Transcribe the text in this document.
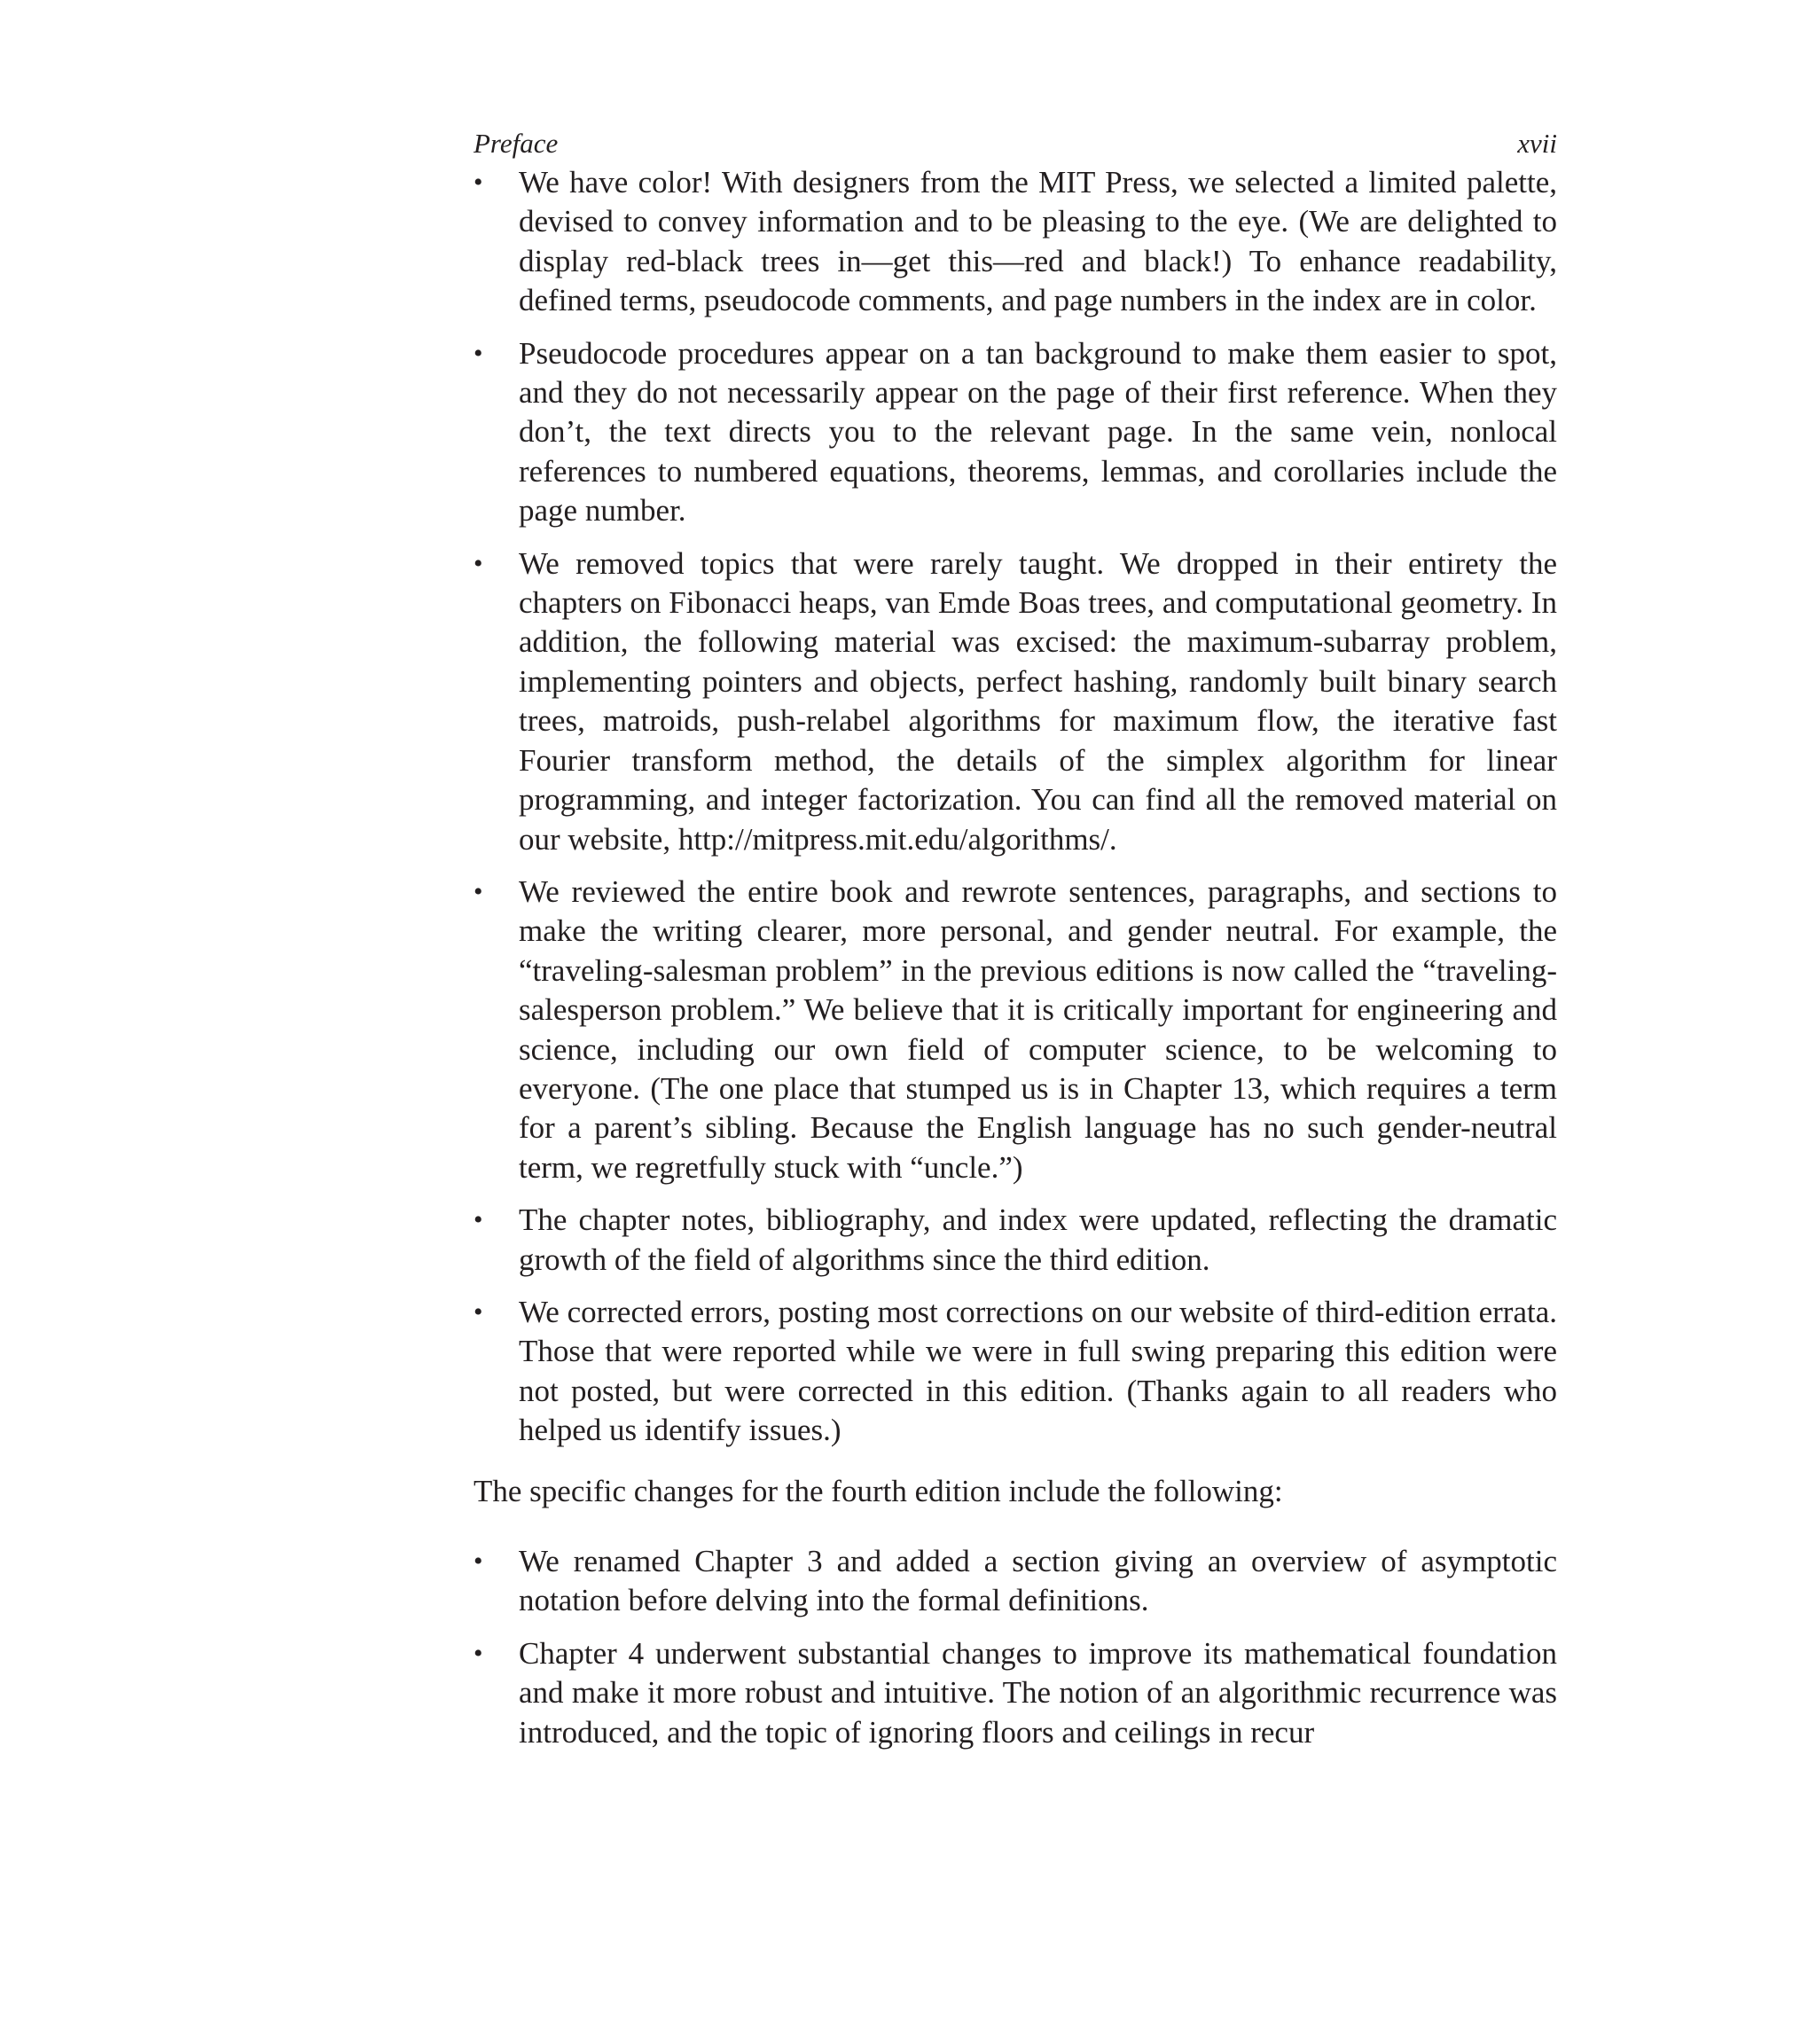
Preface	xvii
• We have color! With designers from the MIT Press, we selected a limited palette, devised to convey information and to be pleasing to the eye. (We are delighted to display red-black trees in—get this—red and black!) To enhance readability, defined terms, pseudocode comments, and page numbers in the index are in color.
• Pseudocode procedures appear on a tan background to make them easier to spot, and they do not necessarily appear on the page of their first reference. When they don’t, the text directs you to the relevant page. In the same vein, nonlocal references to numbered equations, theorems, lemmas, and corollaries include the page number.
• We removed topics that were rarely taught. We dropped in their entirety the chapters on Fibonacci heaps, van Emde Boas trees, and computational geometry. In addition, the following material was excised: the maximum-subarray problem, implementing pointers and objects, perfect hashing, randomly built binary search trees, matroids, push-relabel algorithms for maximum flow, the iterative fast Fourier transform method, the details of the simplex algorithm for linear programming, and integer factorization. You can find all the removed material on our website, http://mitpress.mit.edu/algorithms/.
• We reviewed the entire book and rewrote sentences, paragraphs, and sections to make the writing clearer, more personal, and gender neutral. For example, the “traveling-salesman problem” in the previous editions is now called the “traveling-salesperson problem.” We believe that it is critically important for engineering and science, including our own field of computer science, to be welcoming to everyone. (The one place that stumped us is in Chapter 13, which requires a term for a parent’s sibling. Because the English language has no such gender-neutral term, we regretfully stuck with “uncle.”)
• The chapter notes, bibliography, and index were updated, reflecting the dramatic growth of the field of algorithms since the third edition.
• We corrected errors, posting most corrections on our website of third-edition errata. Those that were reported while we were in full swing preparing this edition were not posted, but were corrected in this edition. (Thanks again to all readers who helped us identify issues.)

The specific changes for the fourth edition include the following:

• We renamed Chapter 3 and added a section giving an overview of asymptotic notation before delving into the formal definitions.
• Chapter 4 underwent substantial changes to improve its mathematical foundation and make it more robust and intuitive. The notion of an algorithmic recurrence was introduced, and the topic of ignoring floors and ceilings in recur
